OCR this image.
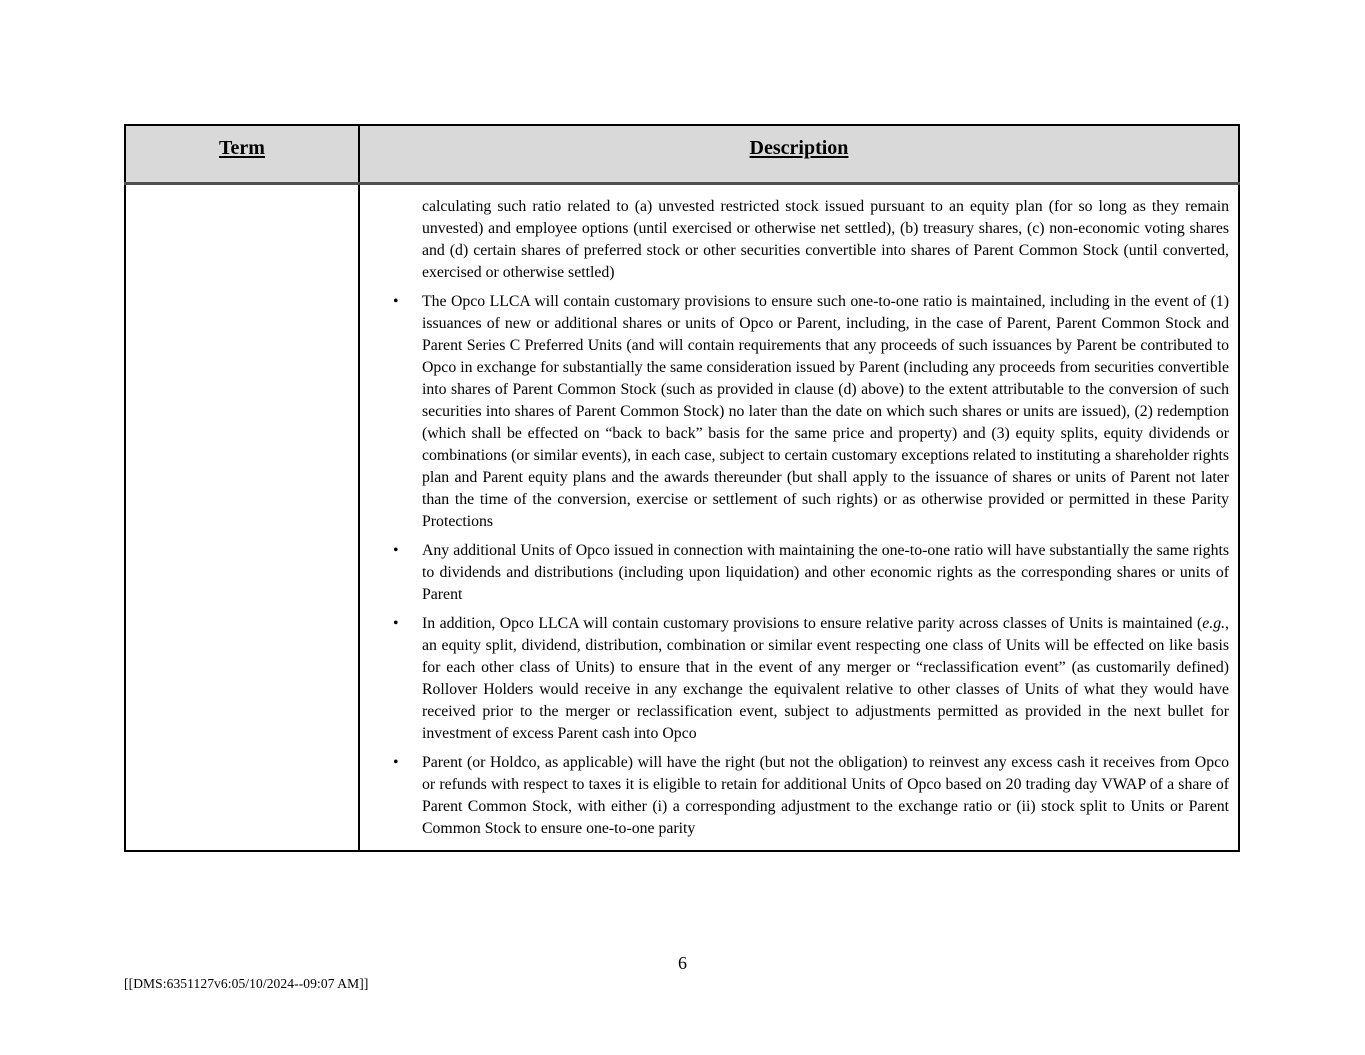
Term	Description

calculating such ratio related to (a) unvested restricted stock issued pursuant to an equity plan (for so long as they remain unvested) and employee options (until exercised or otherwise net settled), (b) treasury shares, (c) non-economic voting shares and (d) certain shares of preferred stock or other securities convertible into shares of Parent Common Stock (until converted, exercised or otherwise settled)

• The Opco LLCA will contain customary provisions to ensure such one-to-one ratio is maintained, including in the event of (1) issuances of new or additional shares or units of Opco or Parent, including, in the case of Parent, Parent Common Stock and Parent Series C Preferred Units (and will contain requirements that any proceeds of such issuances by Parent be contributed to Opco in exchange for substantially the same consideration issued by Parent (including any proceeds from securities convertible into shares of Parent Common Stock (such as provided in clause (d) above) to the extent attributable to the conversion of such securities into shares of Parent Common Stock) no later than the date on which such shares or units are issued), (2) redemption (which shall be effected on “back to back” basis for the same price and property) and (3) equity splits, equity dividends or combinations (or similar events), in each case, subject to certain customary exceptions related to instituting a shareholder rights plan and Parent equity plans and the awards thereunder (but shall apply to the issuance of shares or units of Parent not later than the time of the conversion, exercise or settlement of such rights) or as otherwise provided or permitted in these Parity Protections
• Any additional Units of Opco issued in connection with maintaining the one-to-one ratio will have substantially the same rights to dividends and distributions (including upon liquidation) and other economic rights as the corresponding shares or units of Parent
• In addition, Opco LLCA will contain customary provisions to ensure relative parity across classes of Units is maintained (e.g., an equity split, dividend, distribution, combination or similar event respecting one class of Units will be effected on like basis for each other class of Units) to ensure that in the event of any merger or “reclassification event” (as customarily defined) Rollover Holders would receive in any exchange the equivalent relative to other classes of Units of what they would have received prior to the merger or reclassification event, subject to adjustments permitted as provided in the next bullet for investment of excess Parent cash into Opco
• Parent (or Holdco, as applicable) will have the right (but not the obligation) to reinvest any excess cash it receives from Opco or refunds with respect to taxes it is eligible to retain for additional Units of Opco based on 20 trading day VWAP of a share of Parent Common Stock, with either (i) a corresponding adjustment to the exchange ratio or (ii) stock split to Units or Parent Common Stock to ensure one-to-one parity
6
[[DMS:6351127v6:05/10/2024--09:07 AM]]
